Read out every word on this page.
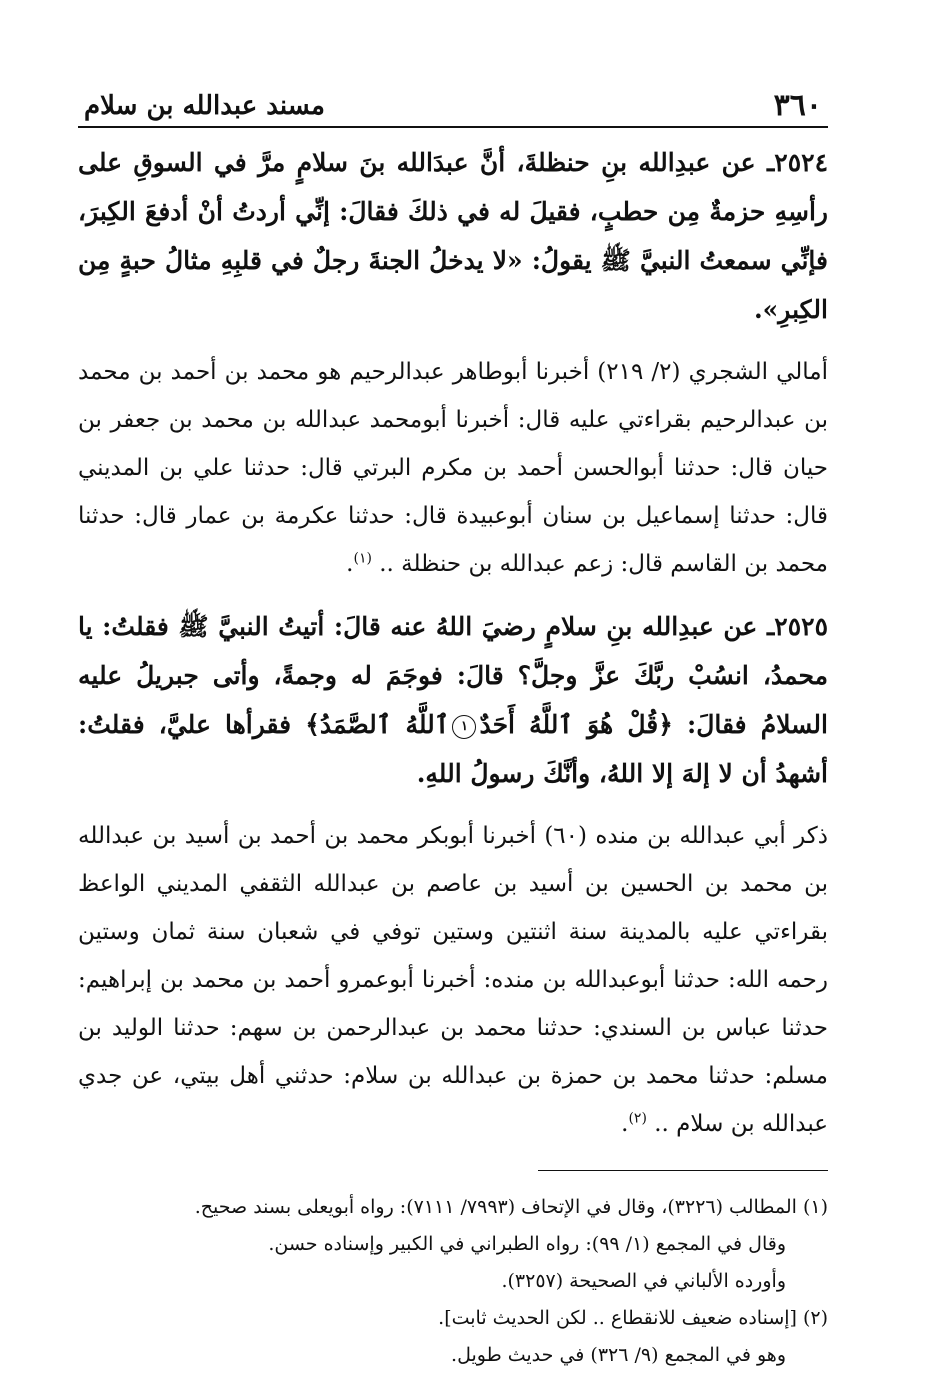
٣٦٠
مسند عبدالله بن سلام

٢٥٢٤ـ عن عبدِالله بنِ حنظلةَ، أنَّ عبدَالله بنَ سلامٍ مرَّ في السوقِ على رأسِهِ حزمةٌ مِن حطبٍ، فقيلَ له في ذلكَ فقالَ: إنِّي أردتُ أنْ أدفعَ الكِبرَ، فإنِّي سمعتُ النبيَّ ﷺ يقولُ: «لا يدخلُ الجنةَ رجلٌ في قلبِهِ مثالُ حبةٍ مِن الكِبرِ».

أمالي الشجري (٢/ ٢١٩) أخبرنا أبوطاهر عبدالرحيم هو محمد بن أحمد بن محمد بن عبدالرحيم بقراءتي عليه قال: أخبرنا أبومحمد عبدالله بن محمد بن جعفر بن حيان قال: حدثنا أبوالحسن أحمد بن مكرم البرتي قال: حدثنا علي بن المديني قال: حدثنا إسماعيل بن سنان أبوعبيدة قال: حدثنا عكرمة بن عمار قال: حدثنا محمد بن القاسم قال: زعم عبدالله بن حنظلة .. $^{(١)}$.

٢٥٢٥ـ عن عبدِالله بنِ سلامٍ رضيَ اللهُ عنه قالَ: أتيتُ النبيَّ ﷺ فقلتُ: يا محمدُ، انسُبْ ربَّكَ عزَّ وجلَّ؟ قالَ: فوجَمَ له وجمةً، وأتى جبريلُ عليه السلامُ فقالَ: ﴿قُلْ هُوَ ٱللَّهُ أَحَدٌ١ٱللَّهُ ٱلصَّمَدُ﴾ فقرأها عليَّ، فقلتُ: أشهدُ أن لا إلهَ إلا اللهُ، وأنَّكَ رسولُ اللهِ.

ذكر أبي عبدالله بن منده (٦٠) أخبرنا أبوبكر محمد بن أحمد بن أسيد بن عبدالله بن محمد بن الحسين بن أسيد بن عاصم بن عبدالله الثقفي المديني الواعظ بقراءتي عليه بالمدينة سنة اثنتين وستين توفي في شعبان سنة ثمان وستين رحمه الله: حدثنا أبوعبدالله بن منده: أخبرنا أبوعمرو أحمد بن محمد بن إبراهيم: حدثنا عباس بن السندي: حدثنا محمد بن عبدالرحمن بن سهم: حدثنا الوليد بن مسلم: حدثنا محمد بن حمزة بن عبدالله بن سلام: حدثني أهل بيتي، عن جدي عبدالله بن سلام .. $^{(٢)}$.

(١)المطالب (٣٢٢٦)، وقال في الإتحاف (٧٩٩٣/ ٧١١١): رواه أبويعلى بسند صحيح.

وقال في المجمع (١/ ٩٩): رواه الطبراني في الكبير وإسناده حسن.

وأورده الألباني في الصحيحة (٣٢٥٧).

(٢)[إسناده ضعيف للانقطاع .. لكن الحديث ثابت].

وهو في المجمع (٩/ ٣٢٦) في حديث طويل.
